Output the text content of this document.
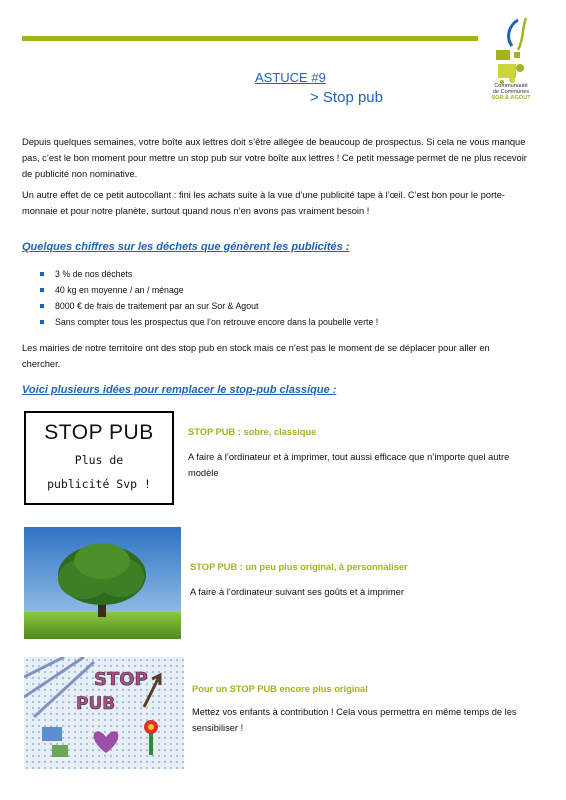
Communauté
de Communes
SOR & AGOUT
ASTUCE #9
> Stop pub

Depuis quelques semaines, votre boîte aux lettres doit s’être allégée de beaucoup de prospectus. Si cela ne vous manque pas, c’est le bon moment pour mettre un stop pub sur votre boîte aux lettres ! Ce petit message permet de ne plus recevoir de publicité non nominative.

Un autre effet de ce petit autocollant : fini les achats suite à la vue d’une publicité tape à l’œil. C’est bon pour le porte-monnaie et pour notre planète, surtout quand nous n’en avons pas vraiment besoin !

Quelques chiffres sur les déchets que génèrent les publicités :
3 % de nos déchets
40 kg en moyenne / an / ménage
8000 € de frais de traitement par an sur Sor & Agout
Sans compter tous les prospectus que l’on retrouve encore dans la poubelle verte !

Les mairies de notre territoire ont des stop pub en stock mais ce n’est pas le moment de se déplacer pour aller en chercher.

Voici plusieurs idées pour remplacer le stop-pub classique :
STOP PUB
Plus de
publicité Svp !
STOP PUB : sobre, classique
A faire à l’ordinateur et à imprimer, tout aussi efficace que n’importe quel autre modèle
STOP PUB : un peu plus original, à personnaliser
A faire à l’ordinateur suivant ses goûts et à imprimer
STOP
PUB
Pour un STOP PUB encore plus original
Mettez vos enfants à contribution ! Cela vous permettra en même temps de les sensibiliser !
